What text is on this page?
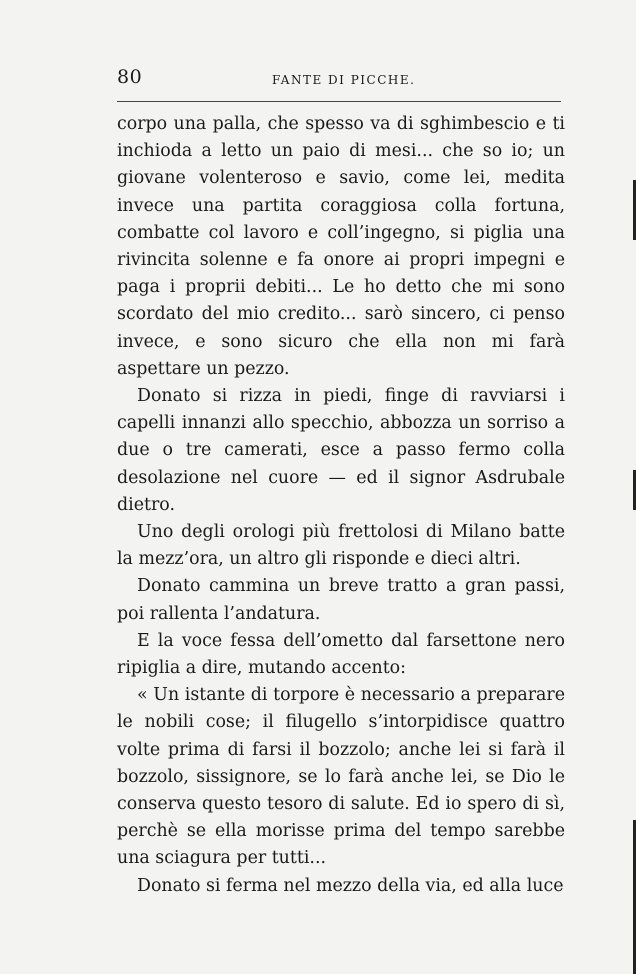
80	FANTE DI PICCHE.

corpo una palla, che spesso va di sghimbescio e ti inchioda a letto un paio di mesi... che so io; un giovane volenteroso e savio, come lei, medita invece una partita coraggiosa colla fortuna, combatte col lavoro e coll’ingegno, si piglia una rivincita solenne e fa onore ai propri impegni e paga i proprii debiti... Le ho detto che mi sono scordato del mio credito... sarò sincero, ci penso invece, e sono sicuro che ella non mi farà aspettare un pezzo.

Donato si rizza in piedi, finge di ravviarsi i capelli innanzi allo specchio, abbozza un sorriso a due o tre camerati, esce a passo fermo colla desolazione nel cuore — ed il signor Asdrubale dietro.

Uno degli orologi più frettolosi di Milano batte la mezz’ora, un altro gli risponde e dieci altri.

Donato cammina un breve tratto a gran passi, poi rallenta l’andatura.

E la voce fessa dell’ometto dal farsettone nero ripiglia a dire, mutando accento:

« Un istante di torpore è necessario a preparare le nobili cose; il filugello s’intorpidisce quattro volte prima di farsi il bozzolo; anche lei si farà il bozzolo, sissignore, se lo farà anche lei, se Dio le conserva questo tesoro di salute. Ed io spero di sì, perchè se ella morisse prima del tempo sarebbe una sciagura per tutti...

Donato si ferma nel mezzo della via, ed alla luce
